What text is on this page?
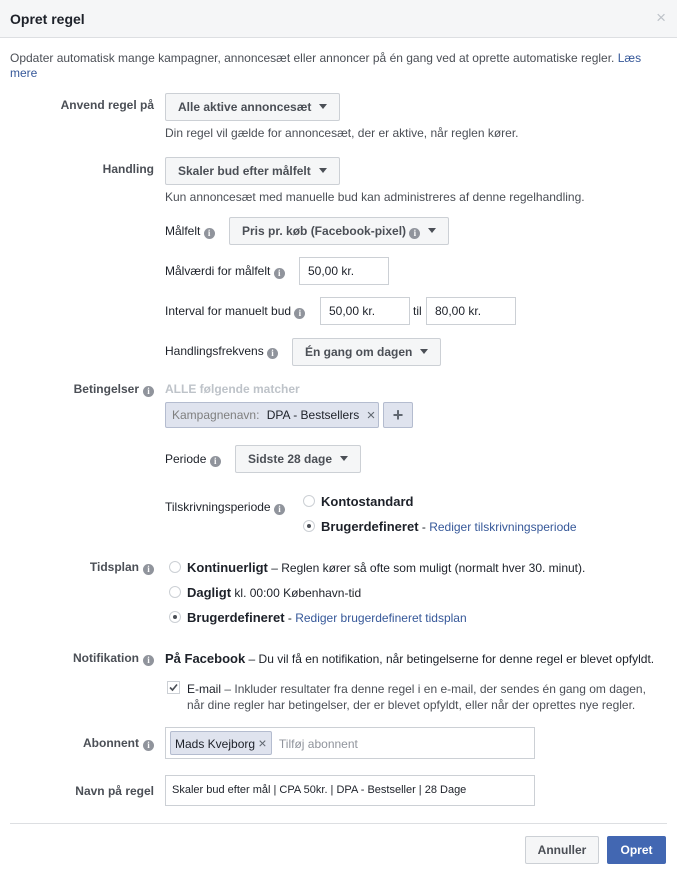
Opret regel	×
Opdater automatisk mange kampagner, annoncesæt eller annoncer på én gang ved at oprette automatiske regler. Læs
mere
Anvend regel på	Alle aktive annoncesæt
Din regel vil gælde for annoncesæt, der er aktive, når reglen kører.
Handling	Skaler bud efter målfelt
Kun annoncesæt med manuelle bud kan administreres af denne regelhandling.
Målfelt i	Pris pr. køb (Facebook-pixel) i
Målværdi for målfelt i	50,00 kr.
Interval for manuelt bud i	50,00 kr.	til	80,00 kr.
Handlingsfrekvens i	Én gang om dagen
Betingelser i	ALLE følgende matcher
Kampagnenavn: DPA - Bestsellers × +
Periode i	Sidste 28 dage
Tilskrivningsperiode i	Kontostandard
Brugerdefineret - Rediger tilskrivningsperiode
Tidsplan i	Kontinuerligt – Reglen kører så ofte som muligt (normalt hver 30. minut).
Dagligt kl. 00:00 København-tid
Brugerdefineret - Rediger brugerdefineret tidsplan
Notifikation i	På Facebook – Du vil få en notifikation, når betingelserne for denne regel er blevet opfyldt.
E-mail – Inkluder resultater fra denne regel i en e-mail, der sendes én gang om dagen,
når dine regler har betingelser, der er blevet opfyldt, eller når der oprettes nye regler.
Abonnent i	Mads Kvejborg × Tilføj abonnent
Navn på regel	Skaler bud efter mål | CPA 50kr. | DPA - Bestseller | 28 Dage
Annuller	Opret
